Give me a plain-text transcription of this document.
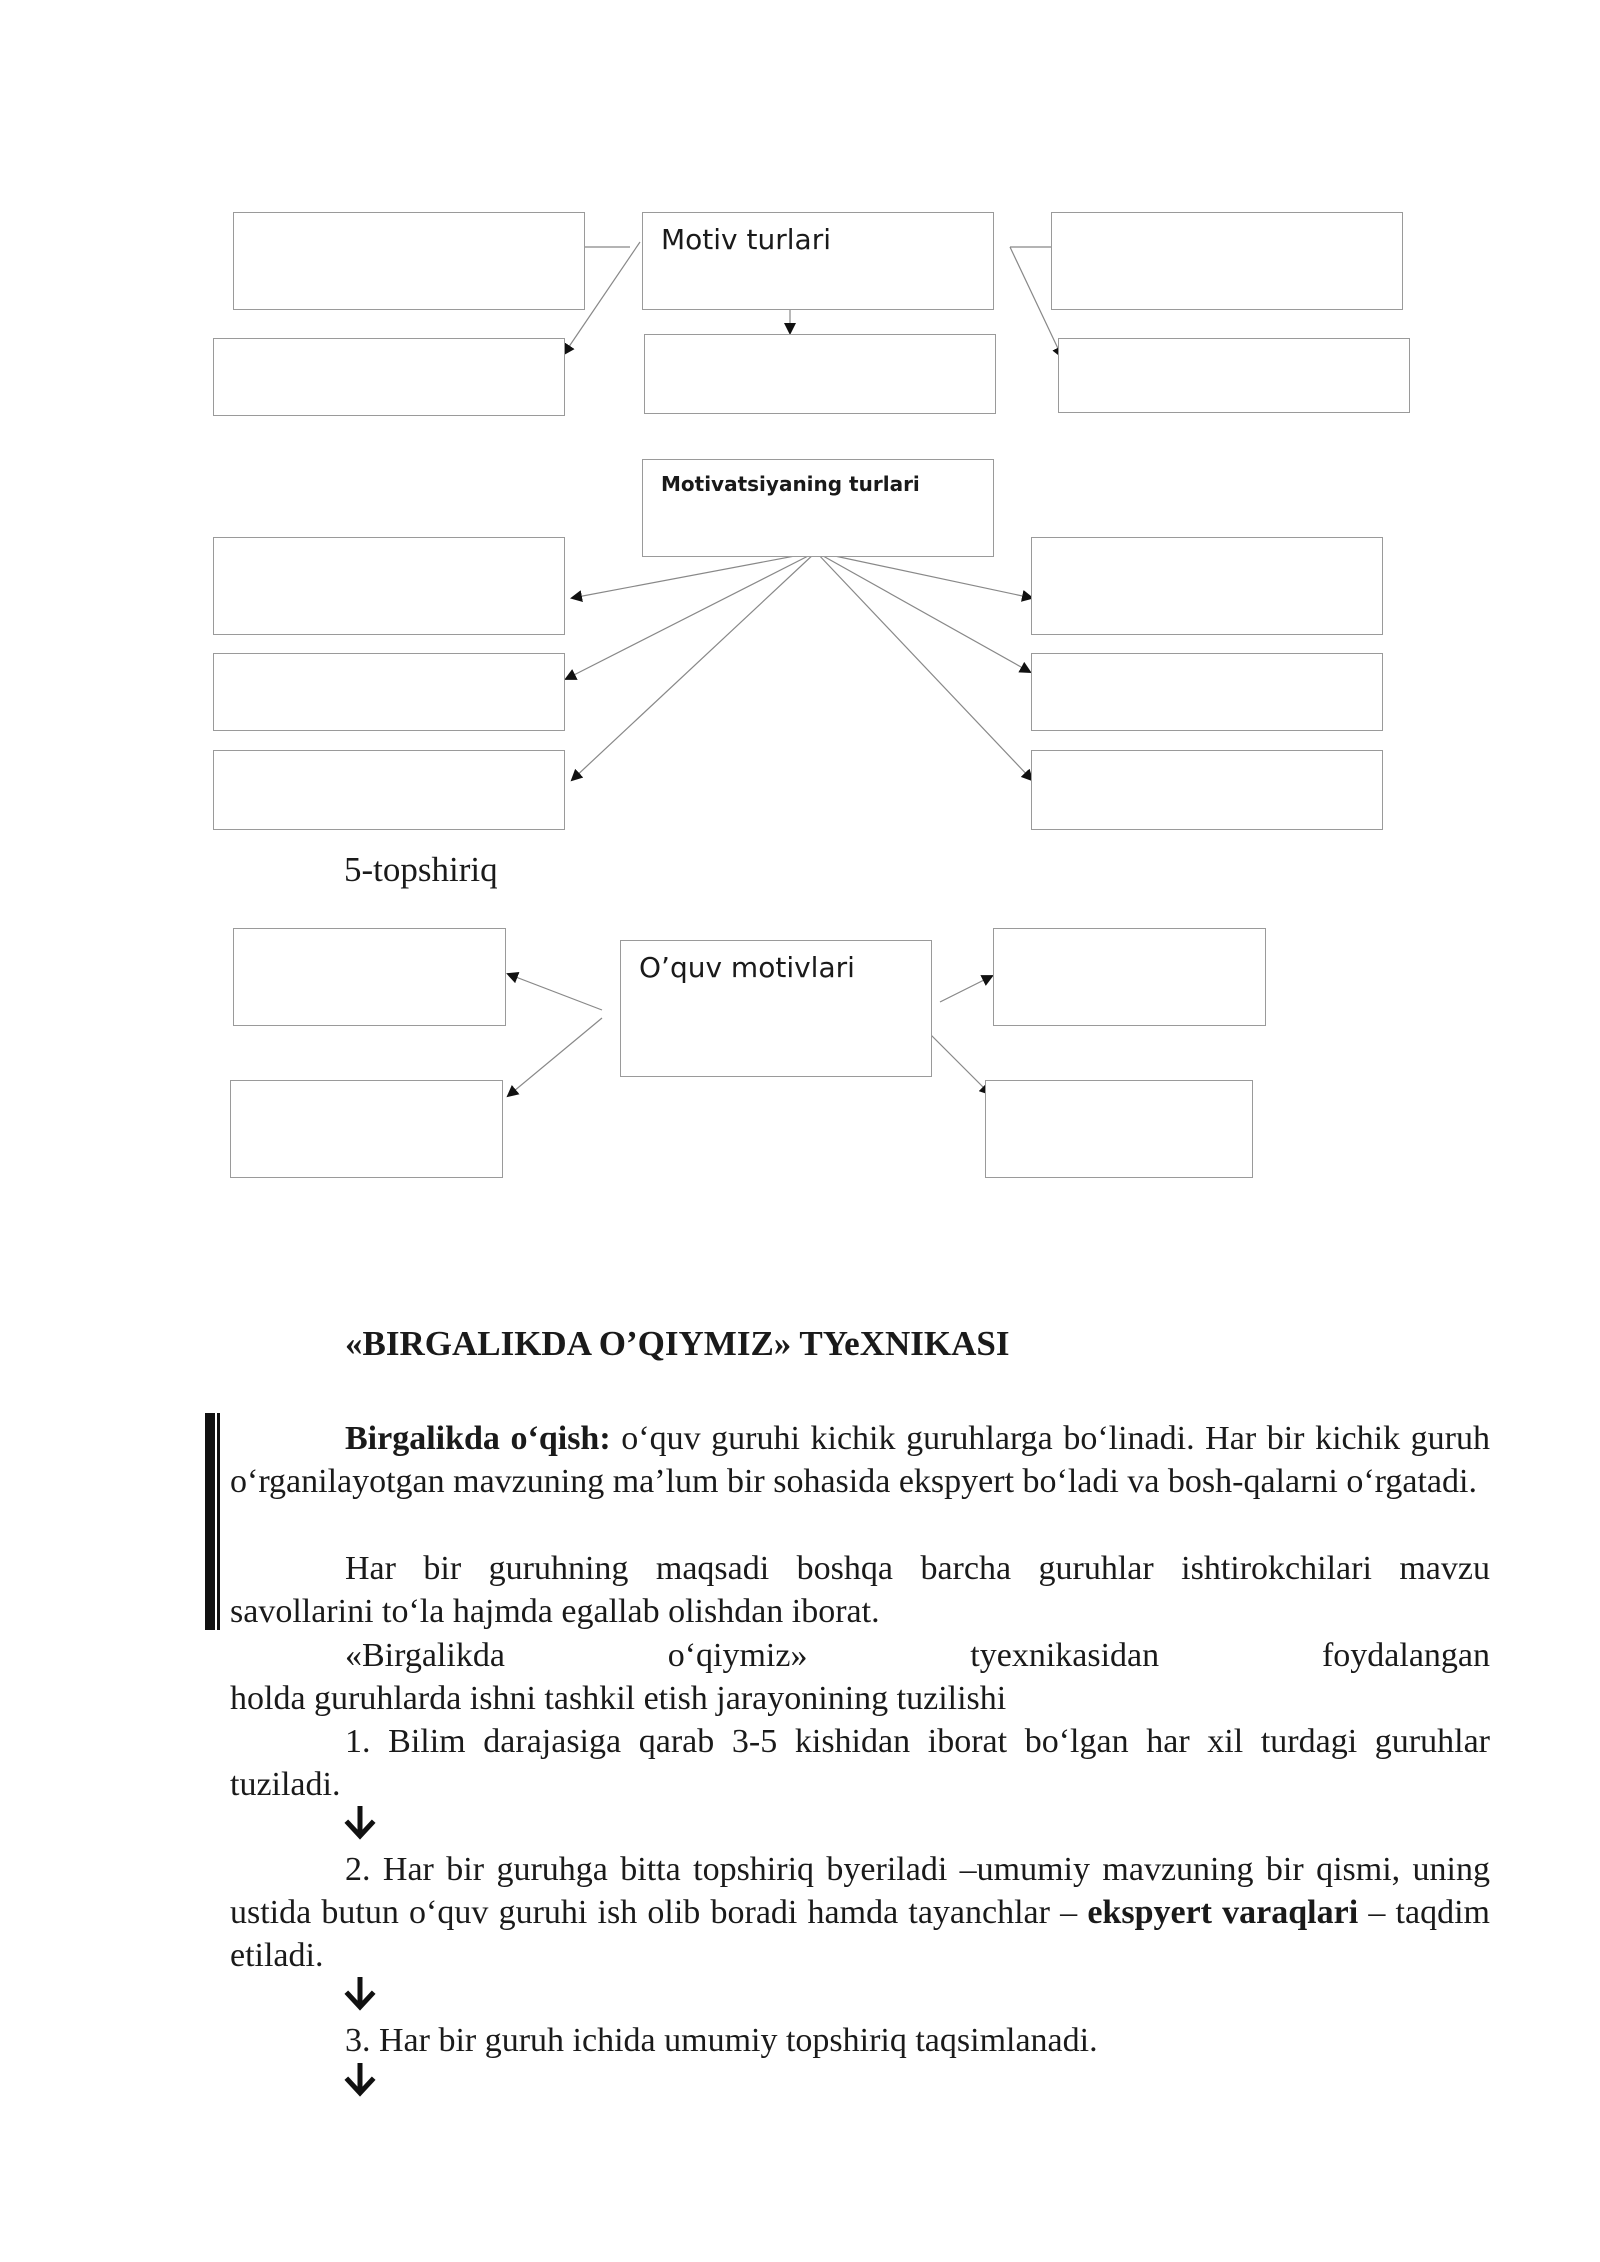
Motiv turlari
Motivatsiyaning turlari
5-topshiriq
O’quv motivlari
«BIRGALIKDA O’QIYMIZ» TYeXNIKASI
Birgalikda o‘qish: o‘quv guruhi kichik guruhlarga bo‘linadi. Har bir kichik guruh o‘rganilayotgan mavzuning ma’lum bir sohasida ekspyert bo‘ladi va bosh-qalarni o‘rgatadi.
Har bir guruhning maqsadi boshqa barcha guruhlar ishtirokchilari mavzu savollarini to‘la hajmda egallab olishdan iborat.
«Birgalikda	o‘qiymiz»	tyexnikasidan	foydalangan
holda guruhlarda ishni tashkil etish jarayonining tuzilishi
1. Bilim darajasiga qarab 3-5 kishidan iborat bo‘lgan har xil turdagi guruhlar tuziladi.
2. Har bir guruhga bitta topshiriq byeriladi –umumiy mavzuning bir qismi, uning ustida butun o‘quv guruhi ish olib boradi hamda tayanchlar – ekspyert varaqlari – taqdim etiladi.
3. Har bir guruh ichida umumiy topshiriq taqsimlanadi.
